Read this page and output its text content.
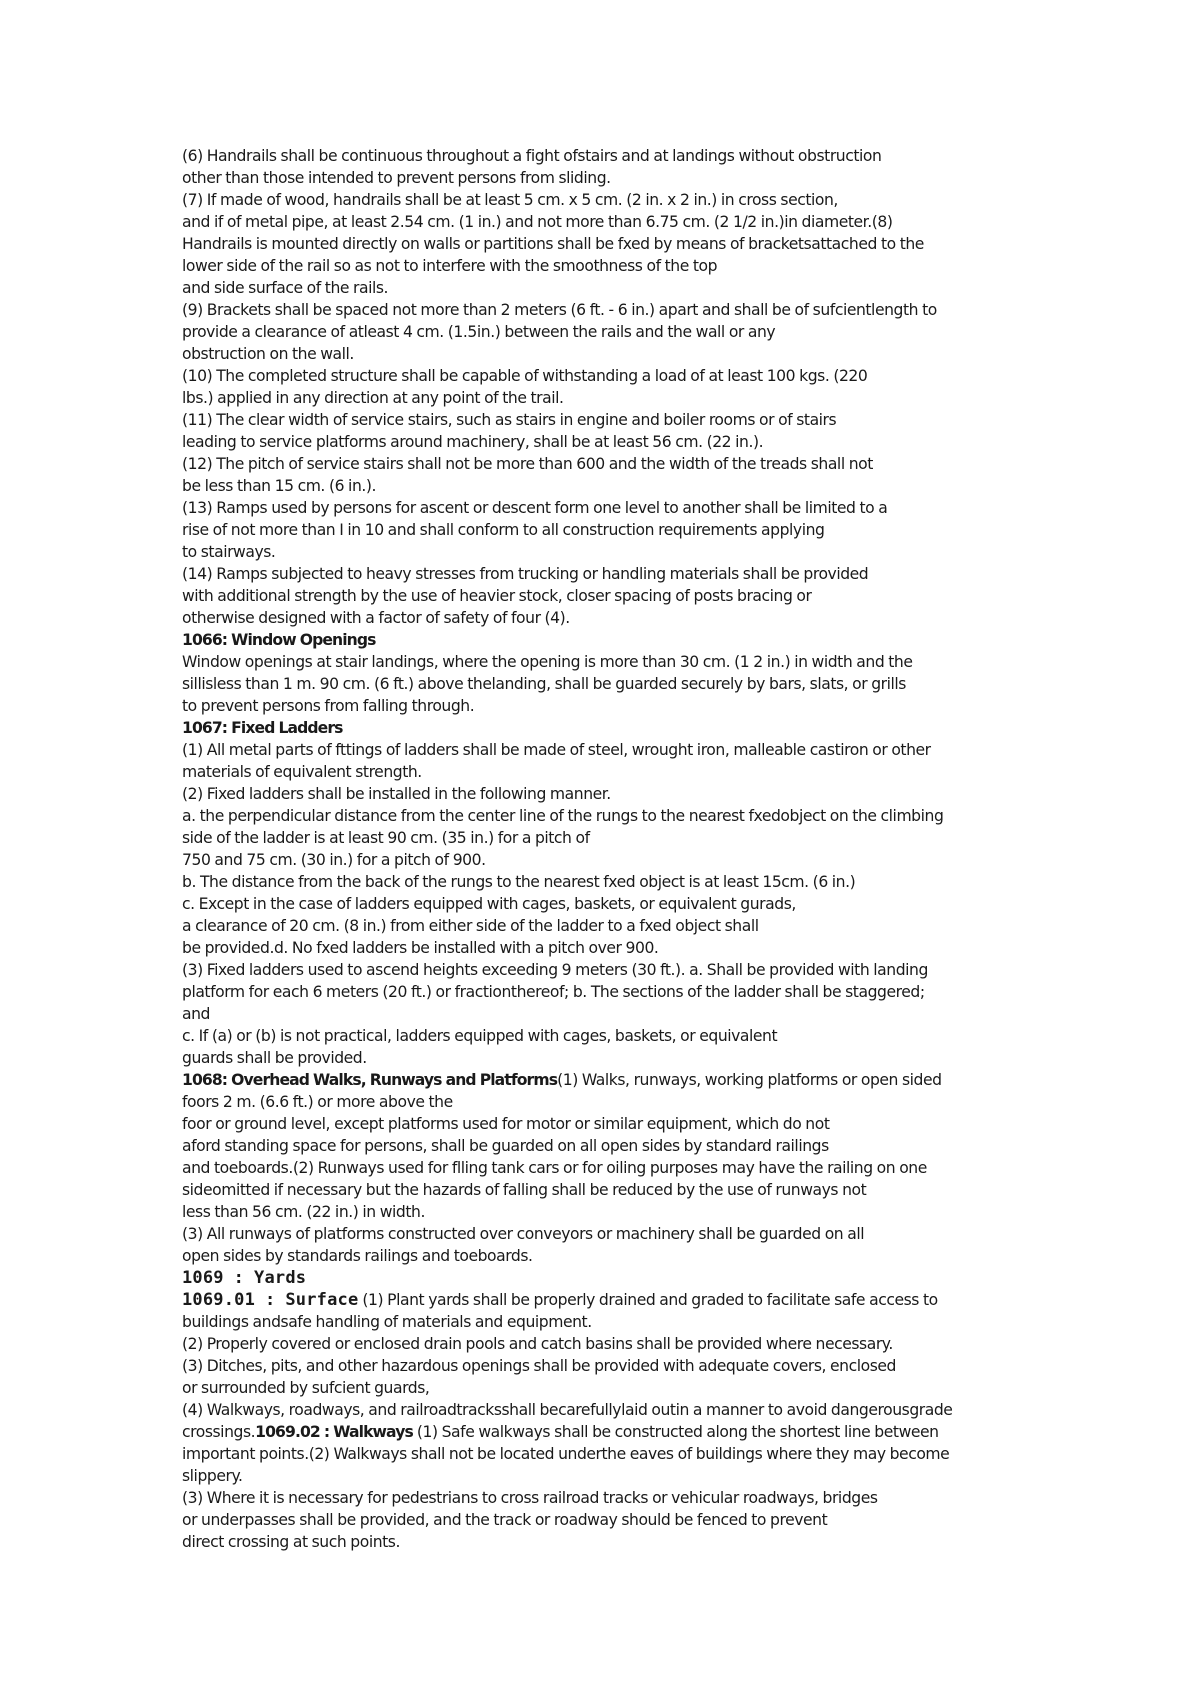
(6) Handrails shall be continuous throughout a fight ofstairs and at landings without obstruction
other than those intended to prevent persons from sliding.
(7) If made of wood, handrails shall be at least 5 cm. x 5 cm. (2 in. x 2 in.) in cross section,
and if of metal pipe, at least 2.54 cm. (1 in.) and not more than 6.75 cm. (2 1/2 in.)in diameter.(8)
Handrails is mounted directly on walls or partitions shall be fxed by means of bracketsattached to the
lower side of the rail so as not to interfere with the smoothness of the top
and side surface of the rails.
(9) Brackets shall be spaced not more than 2 meters (6 ft. - 6 in.) apart and shall be of sufcientlength to
provide a clearance of atleast 4 cm. (1.5in.) between the rails and the wall or any
obstruction on the wall.
(10) The completed structure shall be capable of withstanding a load of at least 100 kgs. (220
lbs.) applied in any direction at any point of the trail.
(11) The clear width of service stairs, such as stairs in engine and boiler rooms or of stairs
leading to service platforms around machinery, shall be at least 56 cm. (22 in.).
(12) The pitch of service stairs shall not be more than 600 and the width of the treads shall not
be less than 15 cm. (6 in.).
(13) Ramps used by persons for ascent or descent form one level to another shall be limited to a
rise of not more than I in 10 and shall conform to all construction requirements applying
to stairways.
(14) Ramps subjected to heavy stresses from trucking or handling materials shall be provided
with additional strength by the use of heavier stock, closer spacing of posts bracing or
otherwise designed with a factor of safety of four (4).
1066: Window Openings
Window openings at stair landings, where the opening is more than 30 cm. (1 2 in.) in width and the
sillisless than 1 m. 90 cm. (6 ft.) above thelanding, shall be guarded securely by bars, slats, or grills
to prevent persons from falling through.
1067: Fixed Ladders
(1) All metal parts of fttings of ladders shall be made of steel, wrought iron, malleable castiron or other
materials of equivalent strength.
(2) Fixed ladders shall be installed in the following manner.
a. the perpendicular distance from the center line of the rungs to the nearest fxedobject on the climbing
side of the ladder is at least 90 cm. (35 in.) for a pitch of
750 and 75 cm. (30 in.) for a pitch of 900.
b. The distance from the back of the rungs to the nearest fxed object is at least 15cm. (6 in.)
c. Except in the case of ladders equipped with cages, baskets, or equivalent gurads,
a clearance of 20 cm. (8 in.) from either side of the ladder to a fxed object shall
be provided.d. No fxed ladders be installed with a pitch over 900.
(3) Fixed ladders used to ascend heights exceeding 9 meters (30 ft.). a. Shall be provided with landing
platform for each 6 meters (20 ft.) or fractionthereof; b. The sections of the ladder shall be staggered;
and
c. If (a) or (b) is not practical, ladders equipped with cages, baskets, or equivalent
guards shall be provided.
1068: Overhead Walks, Runways and Platforms(1) Walks, runways, working platforms or open sided
foors 2 m. (6.6 ft.) or more above the
foor or ground level, except platforms used for motor or similar equipment, which do not
aford standing space for persons, shall be guarded on all open sides by standard railings
and toeboards.(2) Runways used for flling tank cars or for oiling purposes may have the railing on one
sideomitted if necessary but the hazards of falling shall be reduced by the use of runways not
less than 56 cm. (22 in.) in width.
(3) All runways of platforms constructed over conveyors or machinery shall be guarded on all
open sides by standards railings and toeboards.
1069 : Yards
1069.01 : Surface (1) Plant yards shall be properly drained and graded to facilitate safe access to
buildings andsafe handling of materials and equipment.
(2) Properly covered or enclosed drain pools and catch basins shall be provided where necessary.
(3) Ditches, pits, and other hazardous openings shall be provided with adequate covers, enclosed
or surrounded by sufcient guards,
(4) Walkways, roadways, and railroadtracksshall becarefullylaid outin a manner to avoid dangerousgrade
crossings.1069.02 : Walkways (1) Safe walkways shall be constructed along the shortest line between
important points.(2) Walkways shall not be located underthe eaves of buildings where they may become
slippery.
(3) Where it is necessary for pedestrians to cross railroad tracks or vehicular roadways, bridges
or underpasses shall be provided, and the track or roadway should be fenced to prevent
direct crossing at such points.
